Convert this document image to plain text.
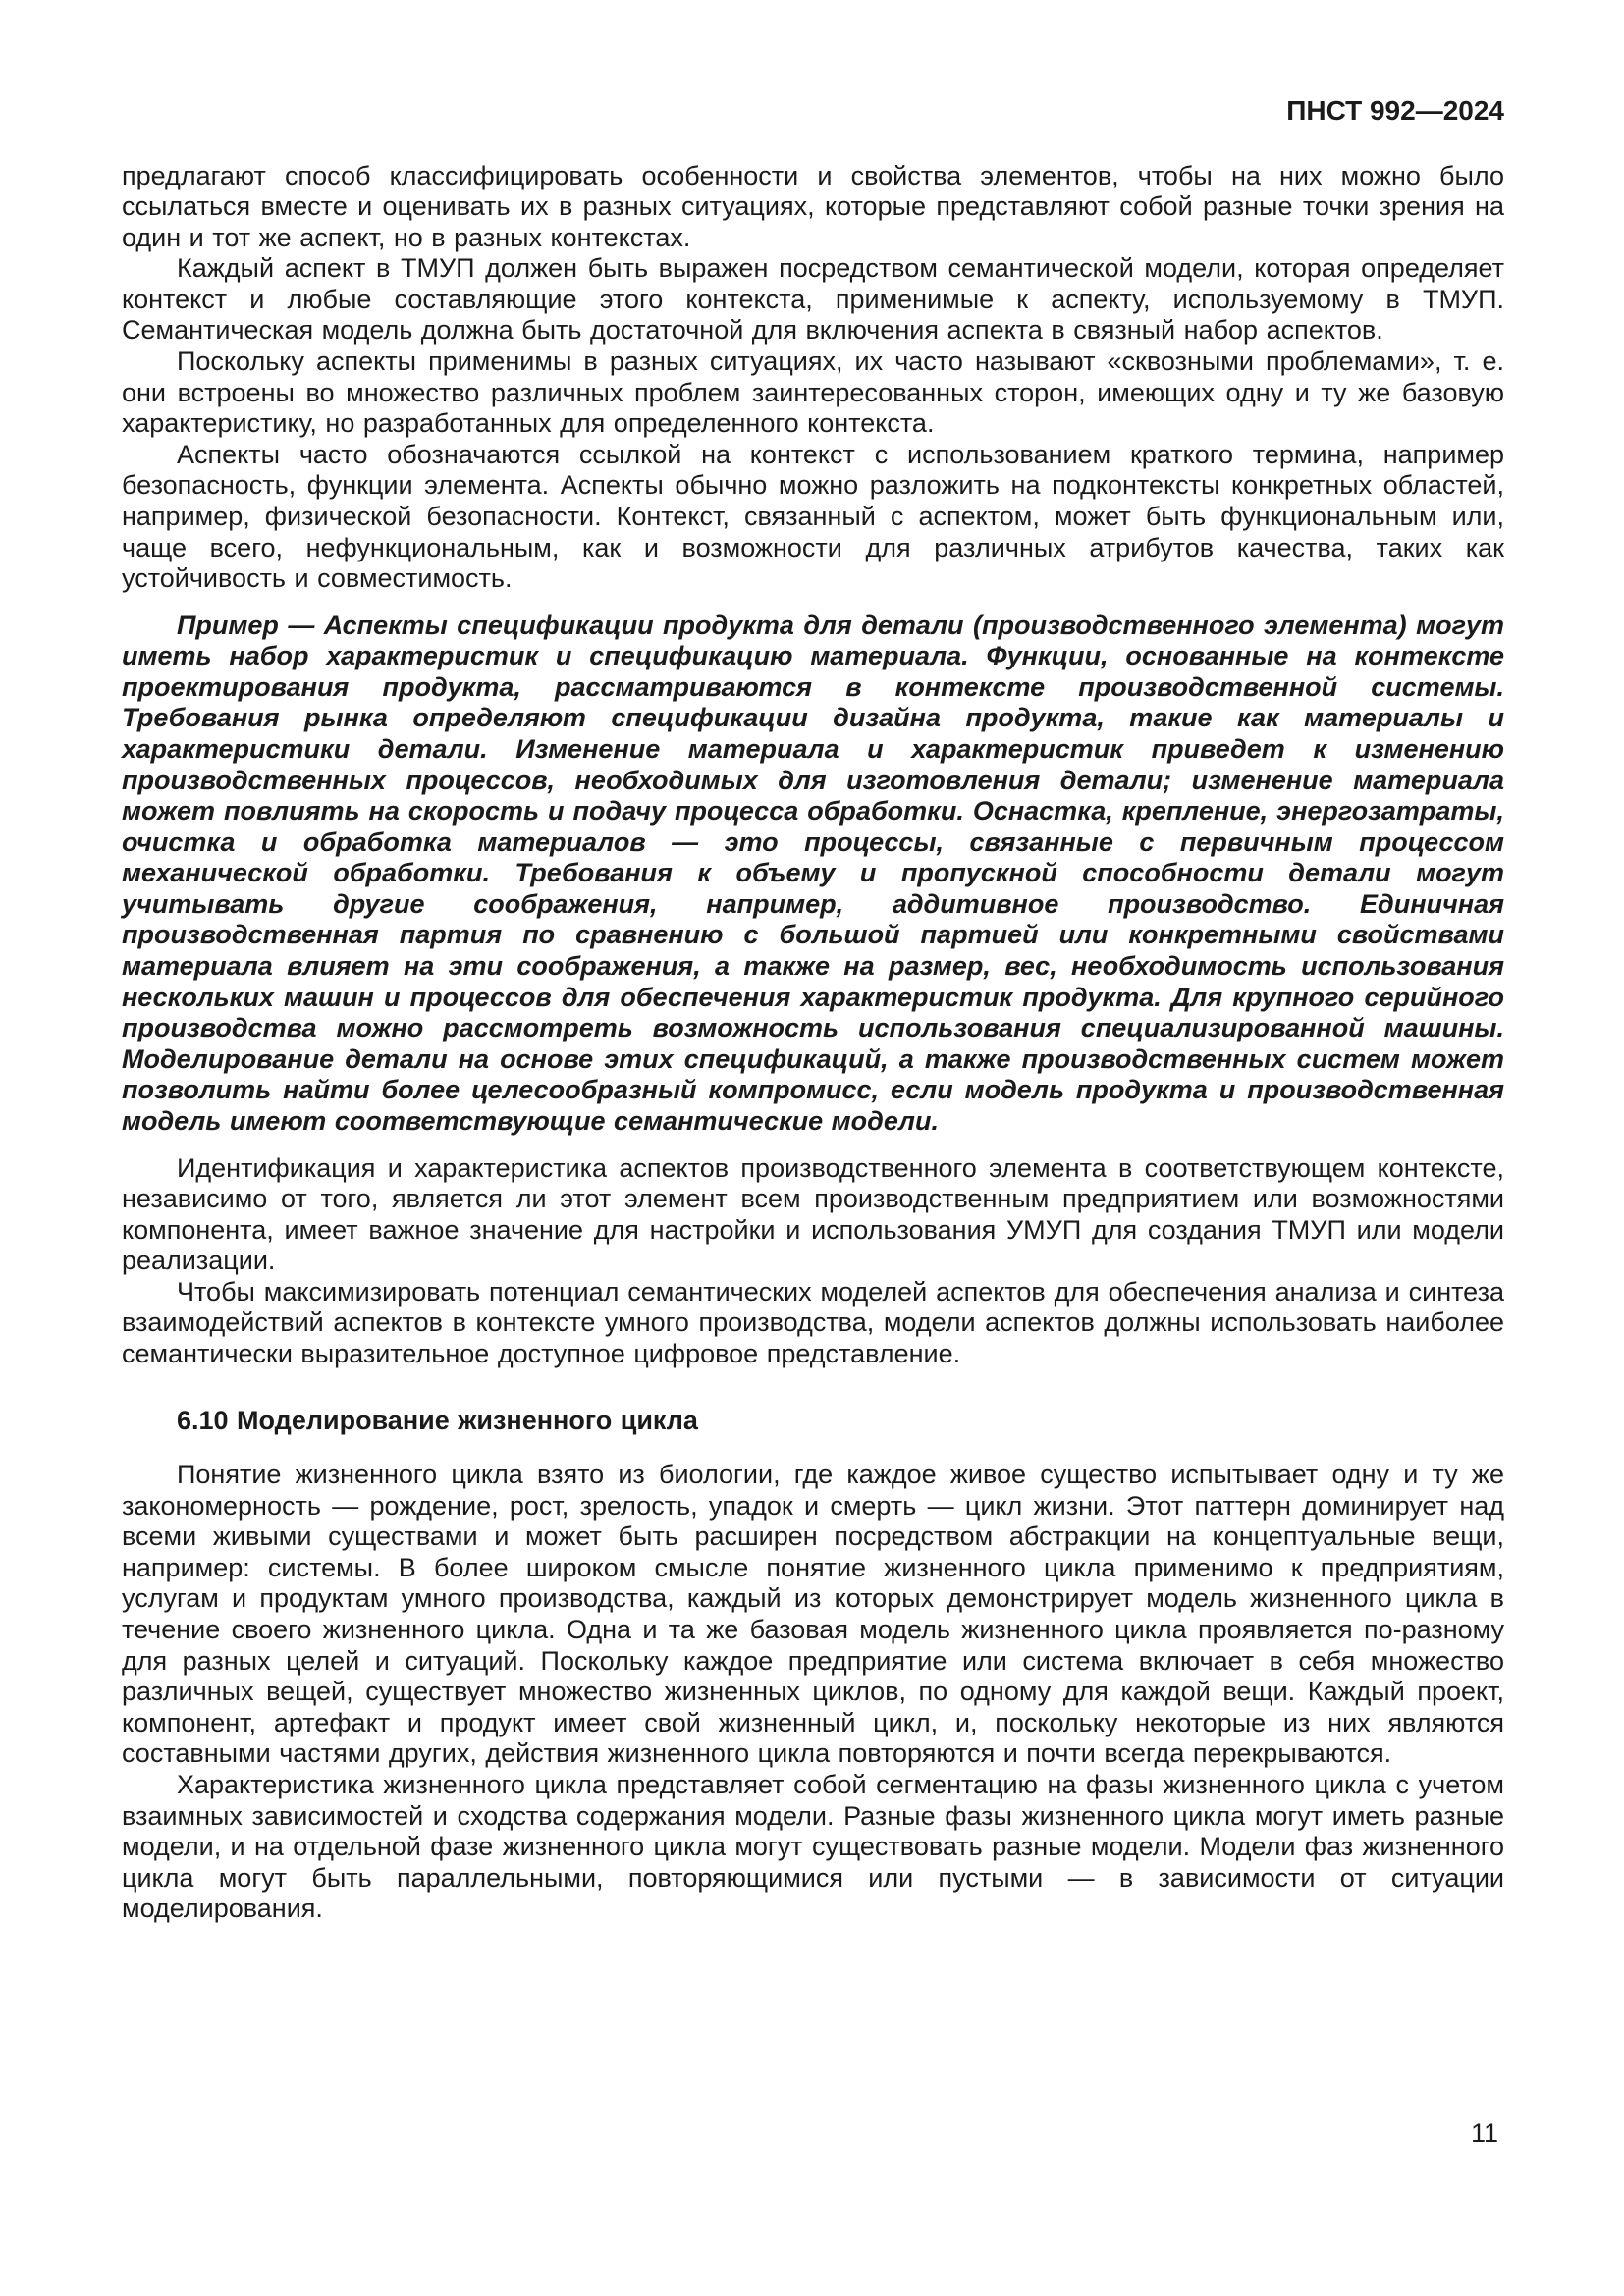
ПНСТ 992—2024

предлагают способ классифицировать особенности и свойства элементов, чтобы на них можно было ссылаться вместе и оценивать их в разных ситуациях, которые представляют собой разные точки зрения на один и тот же аспект, но в разных контекстах.

Каждый аспект в ТМУП должен быть выражен посредством семантической модели, которая определяет контекст и любые составляющие этого контекста, применимые к аспекту, используемому в ТМУП. Семантическая модель должна быть достаточной для включения аспекта в связный набор аспектов.

Поскольку аспекты применимы в разных ситуациях, их часто называют «сквозными проблемами», т. е. они встроены во множество различных проблем заинтересованных сторон, имеющих одну и ту же базовую характеристику, но разработанных для определенного контекста.

Аспекты часто обозначаются ссылкой на контекст с использованием краткого термина, например безопасность, функции элемента. Аспекты обычно можно разложить на подконтексты конкретных областей, например, физической безопасности. Контекст, связанный с аспектом, может быть функциональным или, чаще всего, нефункциональным, как и возможности для различных атрибутов качества, таких как устойчивость и совместимость.

Пример — Аспекты спецификации продукта для детали (производственного элемента) могут иметь набор характеристик и спецификацию материала. Функции, основанные на контексте проектирования продукта, рассматриваются в контексте производственной системы. Требования рынка определяют спецификации дизайна продукта, такие как материалы и характеристики детали. Изменение материала и характеристик приведет к изменению производственных процессов, необходимых для изготовления детали; изменение материала может повлиять на скорость и подачу процесса обработки. Оснастка, крепление, энергозатраты, очистка и обработка материалов — это процессы, связанные с первичным процессом механической обработки. Требования к объему и пропускной способности детали могут учитывать другие соображения, например, аддитивное производство. Единичная производственная партия по сравнению с большой партией или конкретными свойствами материала влияет на эти соображения, а также на размер, вес, необходимость использования нескольких машин и процессов для обеспечения характеристик продукта. Для крупного серийного производства можно рассмотреть возможность использования специализированной машины. Моделирование детали на основе этих спецификаций, а также производственных систем может позволить найти более целесообразный компромисс, если модель продукта и производственная модель имеют соответствующие семантические модели.

Идентификация и характеристика аспектов производственного элемента в соответствующем контексте, независимо от того, является ли этот элемент всем производственным предприятием или возможностями компонента, имеет важное значение для настройки и использования УМУП для создания ТМУП или модели реализации.

Чтобы максимизировать потенциал семантических моделей аспектов для обеспечения анализа и синтеза взаимодействий аспектов в контексте умного производства, модели аспектов должны использовать наиболее семантически выразительное доступное цифровое представление.

6.10 Моделирование жизненного цикла

Понятие жизненного цикла взято из биологии, где каждое живое существо испытывает одну и ту же закономерность — рождение, рост, зрелость, упадок и смерть — цикл жизни. Этот паттерн доминирует над всеми живыми существами и может быть расширен посредством абстракции на концептуальные вещи, например: системы. В более широком смысле понятие жизненного цикла применимо к предприятиям, услугам и продуктам умного производства, каждый из которых демонстрирует модель жизненного цикла в течение своего жизненного цикла. Одна и та же базовая модель жизненного цикла проявляется по-разному для разных целей и ситуаций. Поскольку каждое предприятие или система включает в себя множество различных вещей, существует множество жизненных циклов, по одному для каждой вещи. Каждый проект, компонент, артефакт и продукт имеет свой жизненный цикл, и, поскольку некоторые из них являются составными частями других, действия жизненного цикла повторяются и почти всегда перекрываются.

Характеристика жизненного цикла представляет собой сегментацию на фазы жизненного цикла с учетом взаимных зависимостей и сходства содержания модели. Разные фазы жизненного цикла могут иметь разные модели, и на отдельной фазе жизненного цикла могут существовать разные модели. Модели фаз жизненного цикла могут быть параллельными, повторяющимися или пустыми — в зависимости от ситуации моделирования.

11
